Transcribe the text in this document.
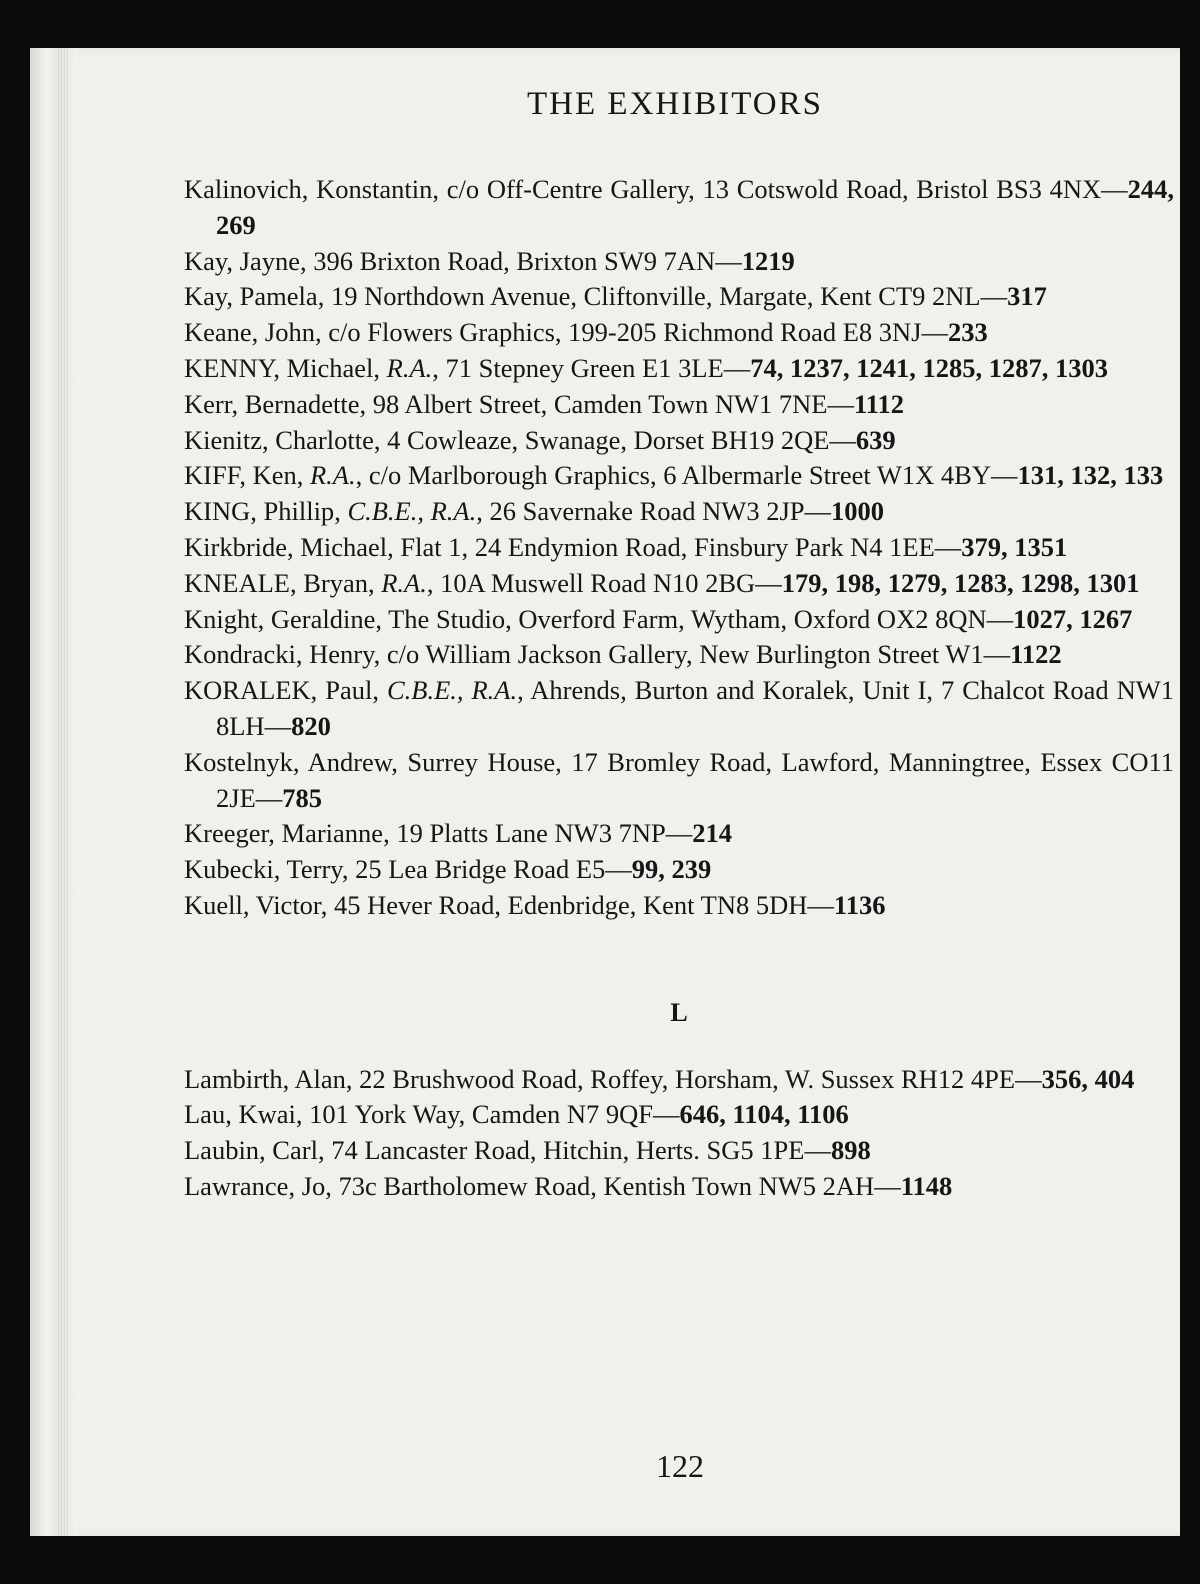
THE EXHIBITORS

Kalinovich, Konstantin, c/o Off-Centre Gallery, 13 Cotswold Road, Bristol BS3 4NX—244, 269

Kay, Jayne, 396 Brixton Road, Brixton SW9 7AN—1219

Kay, Pamela, 19 Northdown Avenue, Cliftonville, Margate, Kent CT9 2NL—317

Keane, John, c/o Flowers Graphics, 199-205 Richmond Road E8 3NJ—233

KENNY, Michael, R.A., 71 Stepney Green E1 3LE—74, 1237, 1241, 1285, 1287, 1303

Kerr, Bernadette, 98 Albert Street, Camden Town NW1 7NE—1112

Kienitz, Charlotte, 4 Cowleaze, Swanage, Dorset BH19 2QE—639

KIFF, Ken, R.A., c/o Marlborough Graphics, 6 Albermarle Street W1X 4BY—131, 132, 133

KING, Phillip, C.B.E., R.A., 26 Savernake Road NW3 2JP—1000

Kirkbride, Michael, Flat 1, 24 Endymion Road, Finsbury Park N4 1EE—379, 1351

KNEALE, Bryan, R.A., 10A Muswell Road N10 2BG—179, 198, 1279, 1283, 1298, 1301

Knight, Geraldine, The Studio, Overford Farm, Wytham, Oxford OX2 8QN—1027, 1267

Kondracki, Henry, c/o William Jackson Gallery, New Burlington Street W1—1122

KORALEK, Paul, C.B.E., R.A., Ahrends, Burton and Koralek, Unit I, 7 Chalcot Road NW1 8LH—820

Kostelnyk, Andrew, Surrey House, 17 Bromley Road, Lawford, Manningtree, Essex CO11 2JE—785

Kreeger, Marianne, 19 Platts Lane NW3 7NP—214

Kubecki, Terry, 25 Lea Bridge Road E5—99, 239

Kuell, Victor, 45 Hever Road, Edenbridge, Kent TN8 5DH—1136

L

Lambirth, Alan, 22 Brushwood Road, Roffey, Horsham, W. Sussex RH12 4PE—356, 404

Lau, Kwai, 101 York Way, Camden N7 9QF—646, 1104, 1106

Laubin, Carl, 74 Lancaster Road, Hitchin, Herts. SG5 1PE—898

Lawrance, Jo, 73c Bartholomew Road, Kentish Town NW5 2AH—1148

122
